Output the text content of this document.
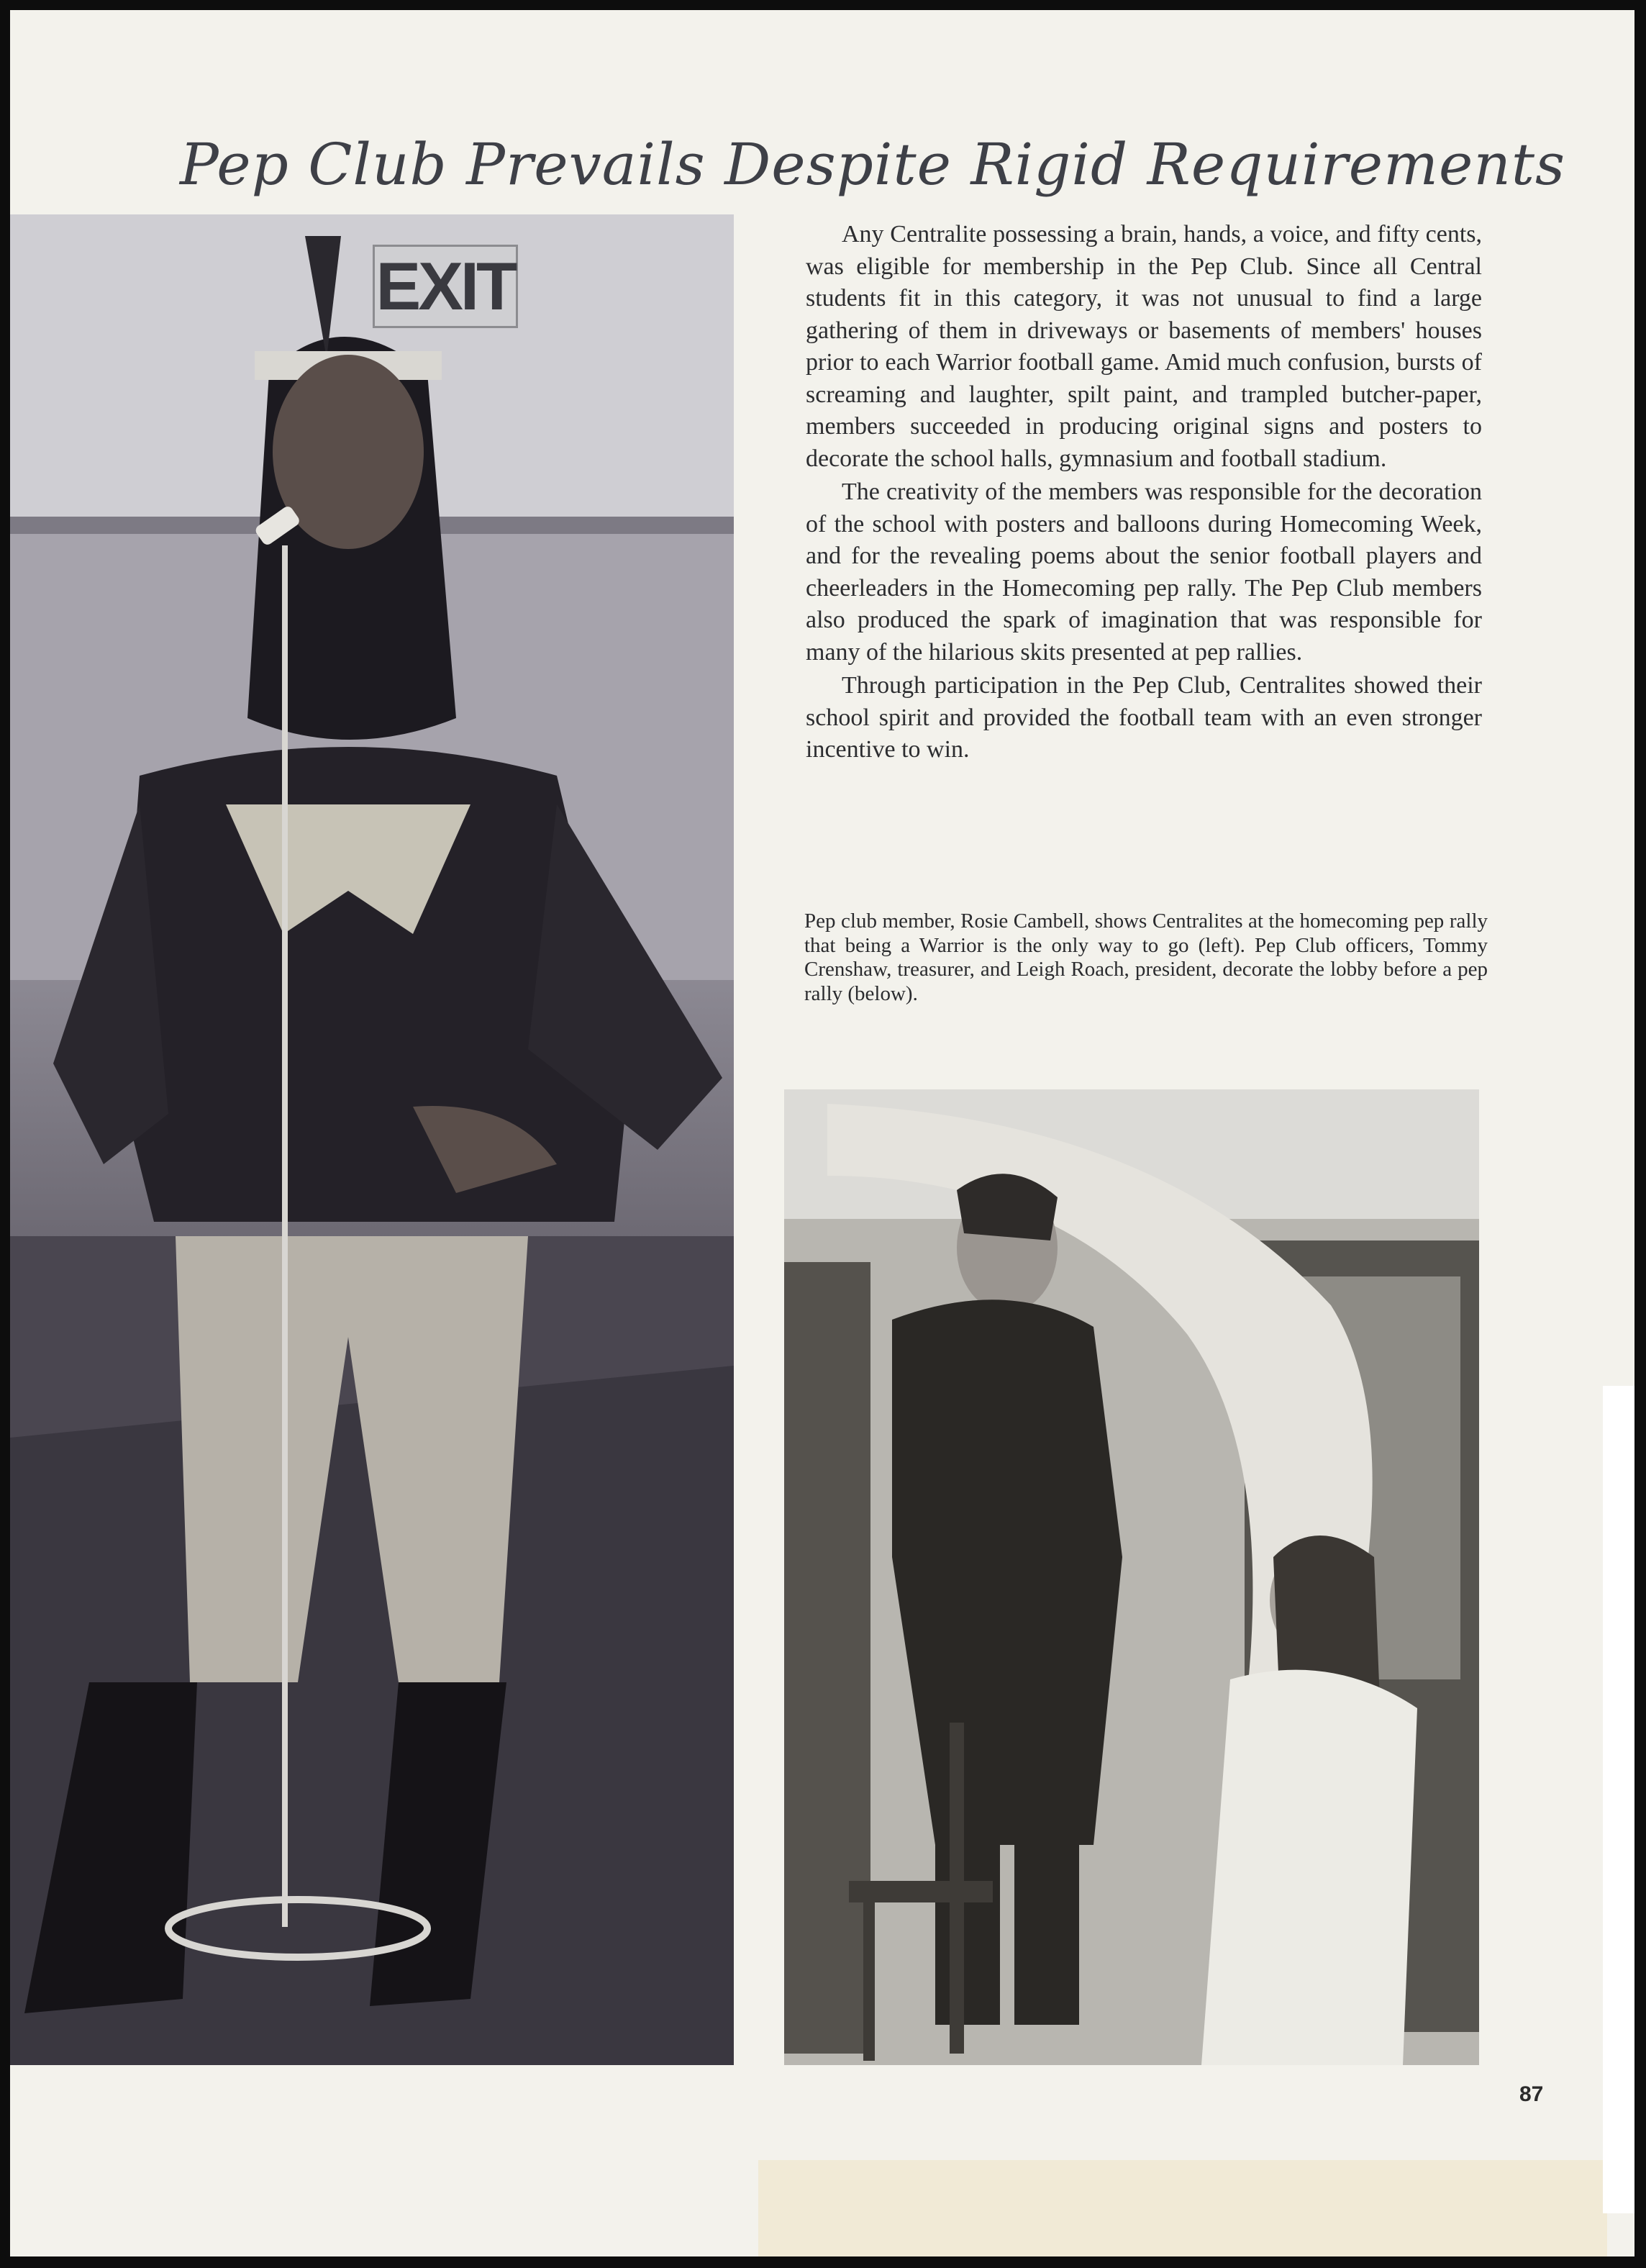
Pep Club Prevails Despite Rigid Requirements
EXIT

Any Centralite possessing a brain, hands, a voice, and fifty cents, was eligible for membership in the Pep Club. Since all Central students fit in this category, it was not unusual to find a large gathering of them in driveways or basements of members' houses prior to each Warrior football game. Amid much confusion, bursts of screaming and laughter, spilt paint, and trampled butcher-paper, members succeeded in producing original signs and posters to decorate the school halls, gymnasium and football stadium.

The creativity of the members was responsible for the decoration of the school with posters and balloons during Homecoming Week, and for the revealing poems about the senior football players and cheerleaders in the Homecoming pep rally. The Pep Club members also produced the spark of imagination that was responsible for many of the hilarious skits presented at pep rallies.

Through participation in the Pep Club, Centralites showed their school spirit and provided the football team with an even stronger incentive to win.

Pep club member, Rosie Cambell, shows Centralites at the homecoming pep rally that being a Warrior is the only way to go (left). Pep Club officers, Tommy Crenshaw, treasurer, and Leigh Roach, president, decorate the lobby before a pep rally (below).
87
